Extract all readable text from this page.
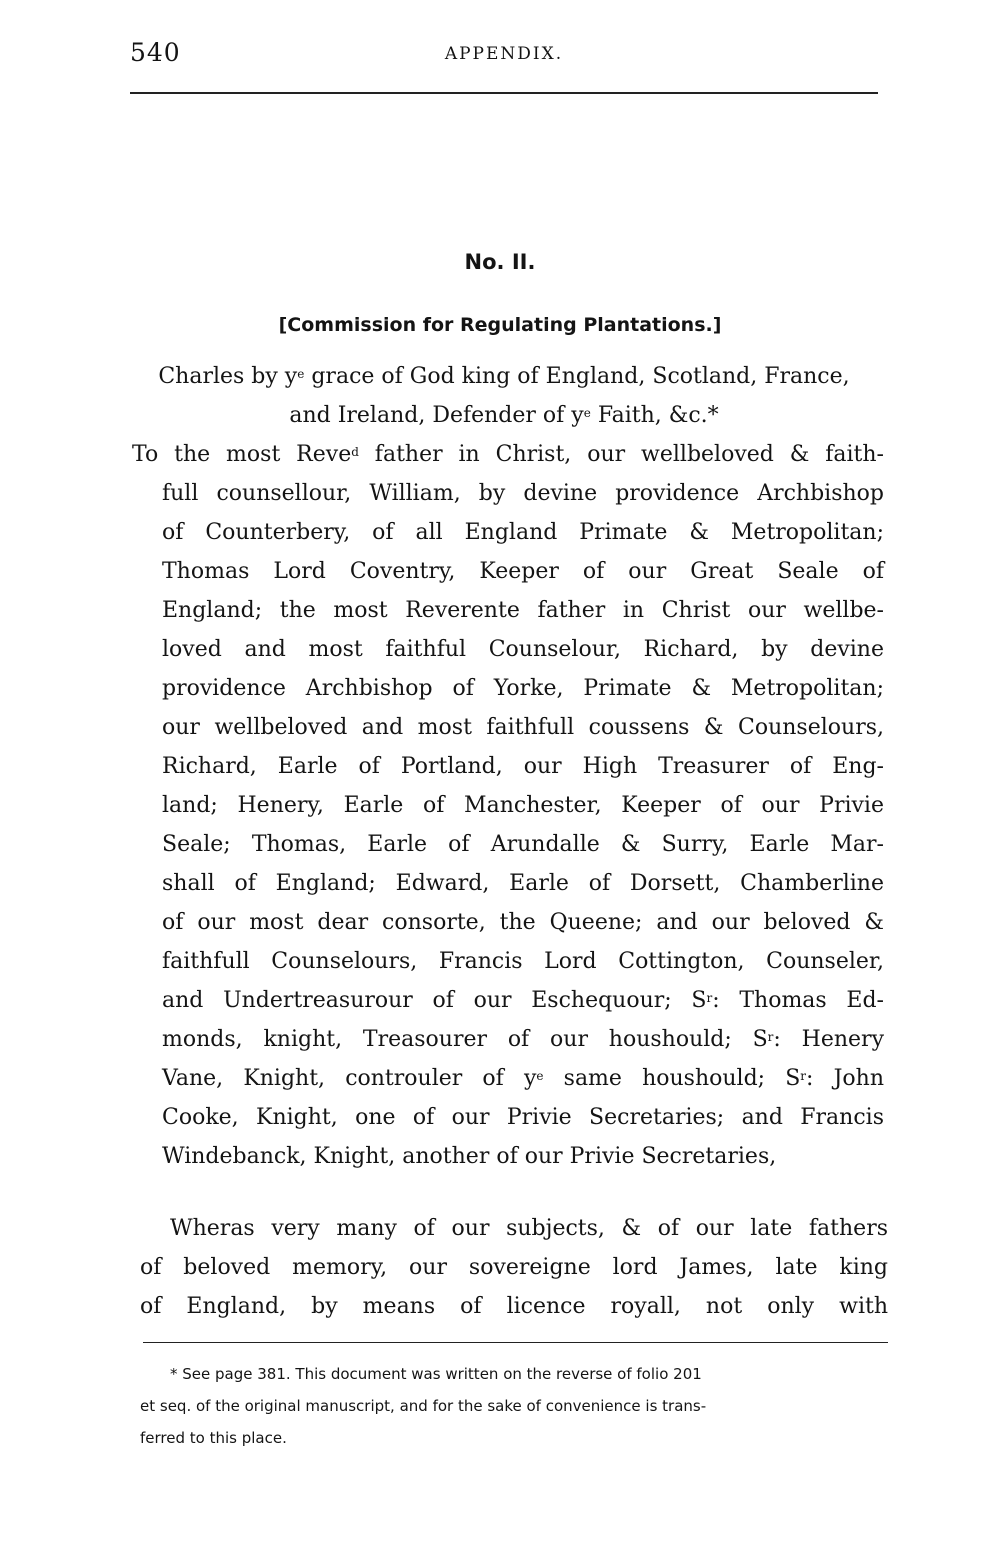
540	APPENDIX.
No. II.
[Commission for Regulating Plantations.]
Charles by $y^e$ grace of God king of England, Scotland, France,
and Ireland, Defender of $y^e$ Faith, &c.*
To the most Reve$^d$ father in Christ, our wellbeloved & faith-
full counsellour, William, by devine providence Archbishop
of Counterbery, of all England Primate & Metropolitan;
Thomas Lord Coventry, Keeper of our Great Seale of
England; the most Reverente father in Christ our wellbe-
loved and most faithful Counselour, Richard, by devine
providence Archbishop of Yorke, Primate & Metropolitan;
our wellbeloved and most faithfull coussens & Counselours,
Richard, Earle of Portland, our High Treasurer of Eng-
land; Henery, Earle of Manchester, Keeper of our Privie
Seale; Thomas, Earle of Arundalle & Surry, Earle Mar-
shall of England; Edward, Earle of Dorsett, Chamberline
of our most dear consorte, the Queene; and our beloved &
faithfull Counselours, Francis Lord Cottington, Counseler,
and Undertreasurour of our Eschequour; $S^r$: Thomas Ed-
monds, knight, Treasourer of our houshould; $S^r$: Henery
Vane, Knight, controuler of $y^e$ same houshould; $S^r$: John
Cooke, Knight, one of our Privie Secretaries; and Francis
Windebanck, Knight, another of our Privie Secretaries,
Wheras very many of our subjects, & of our late fathers
of beloved memory, our sovereigne lord James, late king
of England, by means of licence royall, not only with
* See page 381. This document was written on the reverse of folio 201
et seq. of the original manuscript, and for the sake of convenience is trans-
ferred to this place.
